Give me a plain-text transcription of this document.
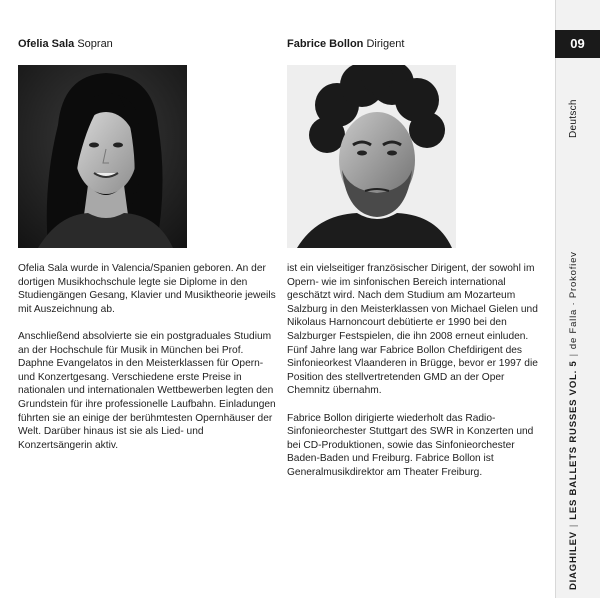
Ofelia Sala Sopran

Ofelia Sala wurde in Valencia/Spanien geboren. An der dortigen Musikhochschule legte sie Diplome in den Studiengängen Gesang, Klavier und Musiktheorie jeweils mit Auszeichnung ab.

Anschließend absolvierte sie ein postgraduales Studium an der Hochschule für Musik in München bei Prof. Daphne Evangelatos in den Meisterklassen für Opern- und Konzertgesang. Verschiedene erste Preise in nationalen und internationalen Wettbewerben legten den Grundstein für ihre professionelle Laufbahn. Einladungen führten sie an einige der berühmtesten Opernhäuser der Welt. Darüber hinaus ist sie als Lied- und Konzertsängerin aktiv.

Fabrice Bollon Dirigent

ist ein vielseitiger französischer Dirigent, der sowohl im Opern- wie im sinfonischen Bereich international geschätzt wird. Nach dem Studium am Mozarteum Salzburg in den Meisterklassen von Michael Gielen und Nikolaus Harnoncourt debütierte er 1990 bei den Salzburger Festspielen, die ihn 2008 erneut einluden. Fünf Jahre lang war Fabrice Bollon Chefdirigent des Sinfonieorkest Vlaanderen in Brügge, bevor er 1997 die Position des stellvertretenden GMD an der Oper Chemnitz übernahm.

Fabrice Bollon dirigierte wiederholt das Radio-Sinfonieorchester Stuttgart des SWR in Konzerten und bei CD-Produktionen, sowie das Sinfonieorchester Baden-Baden und Freiburg. Fabrice Bollon ist Generalmusikdirektor am Theater Freiburg.

09
Deutsch
DIAGHILEV|LES BALLETS RUSSES VOL. 5|de Falla · Prokofiev
